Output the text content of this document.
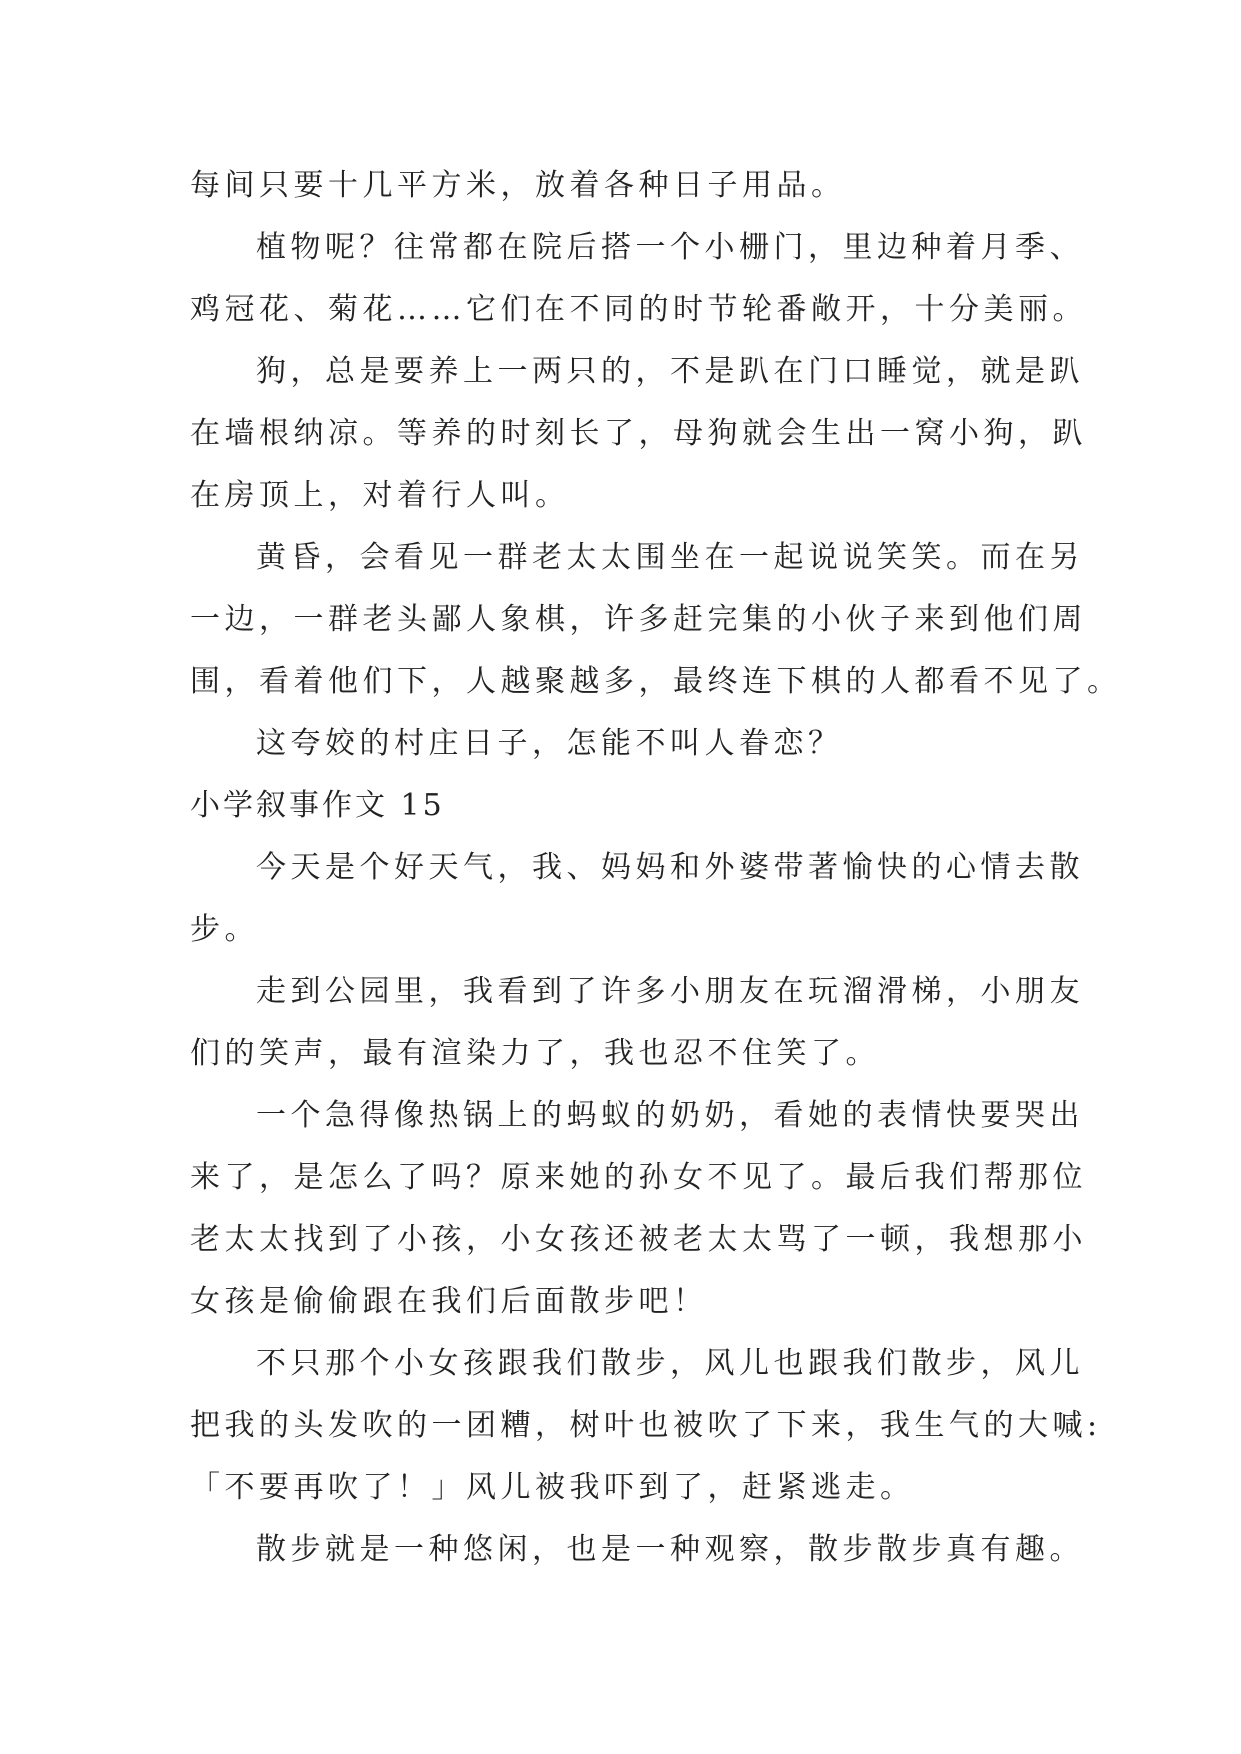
每间只要十几平方米，放着各种日子用品。
植物呢？往常都在院后搭一个小栅门，里边种着月季、
鸡冠花、菊花……它们在不同的时节轮番敞开，十分美丽。
狗，总是要养上一两只的，不是趴在门口睡觉，就是趴
在墙根纳凉。等养的时刻长了，母狗就会生出一窝小狗，趴
在房顶上，对着行人叫。
黄昏，会看见一群老太太围坐在一起说说笑笑。而在另
一边，一群老头鄙人象棋，许多赶完集的小伙子来到他们周
围，看着他们下，人越聚越多，最终连下棋的人都看不见了。
这夸姣的村庄日子，怎能不叫人眷恋？
小学叙事作文 15
今天是个好天气，我、妈妈和外婆带著愉快的心情去散
步。
走到公园里，我看到了许多小朋友在玩溜滑梯，小朋友
们的笑声，最有渲染力了，我也忍不住笑了。
一个急得像热锅上的蚂蚁的奶奶，看她的表情快要哭出
来了，是怎么了吗？原来她的孙女不见了。最后我们帮那位
老太太找到了小孩，小女孩还被老太太骂了一顿，我想那小
女孩是偷偷跟在我们后面散步吧！
不只那个小女孩跟我们散步，风儿也跟我们散步，风儿
把我的头发吹的一团糟，树叶也被吹了下来，我生气的大喊:
「不要再吹了！」风儿被我吓到了，赶紧逃走。
散步就是一种悠闲，也是一种观察，散步散步真有趣。
